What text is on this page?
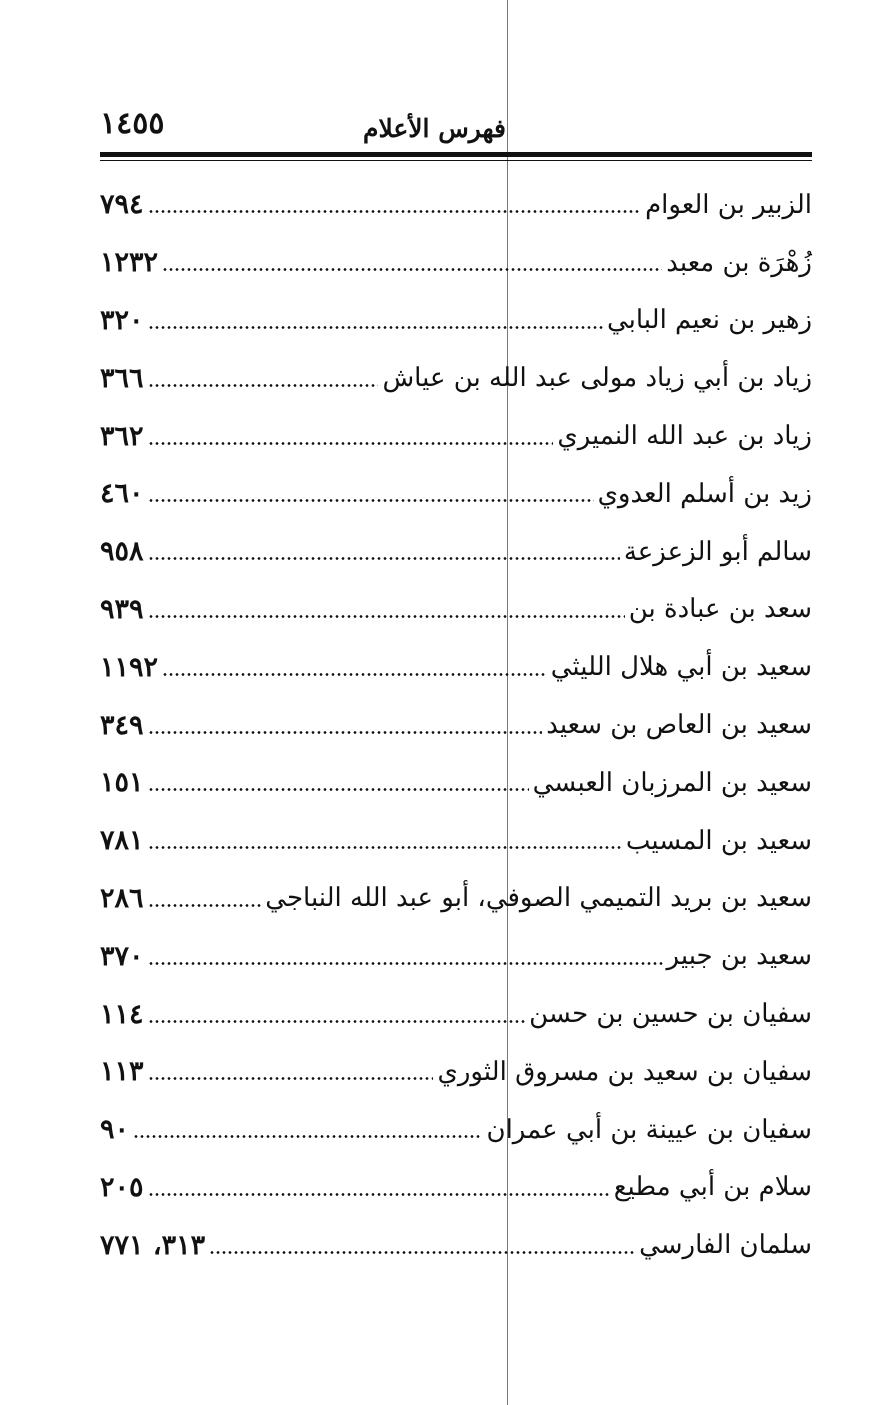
فهرس الأعلام
١٤٥٥
الزبير بن العوام
٧٩٤
زُهْرَة بن معبد
١٢٣٢
زهير بن نعيم البابي
٣٢٠
زياد بن أبي زياد مولى عبد الله بن عياش
٣٦٦
زياد بن عبد الله النميري
٣٦٢
زيد بن أسلم العدوي
٤٦٠
سالم أبو الزعزعة
٩٥٨
سعد بن عبادة بن
٩٣٩
سعيد بن أبي هلال الليثي
١١٩٢
سعيد بن العاص بن سعيد
٣٤٩
سعيد بن المرزبان العبسي
١٥١
سعيد بن المسيب
٧٨١
سعيد بن بريد التميمي الصوفي، أبو عبد الله النباجي
٢٨٦
سعيد بن جبير
٣٧٠
سفيان بن حسين بن حسن
١١٤
سفيان بن سعيد بن مسروق الثوري
١١٣
سفيان بن عيينة بن أبي عمران
٩٠
سلام بن أبي مطيع
٢٠٥
سلمان الفارسي
٣١٣، ٧٧١
